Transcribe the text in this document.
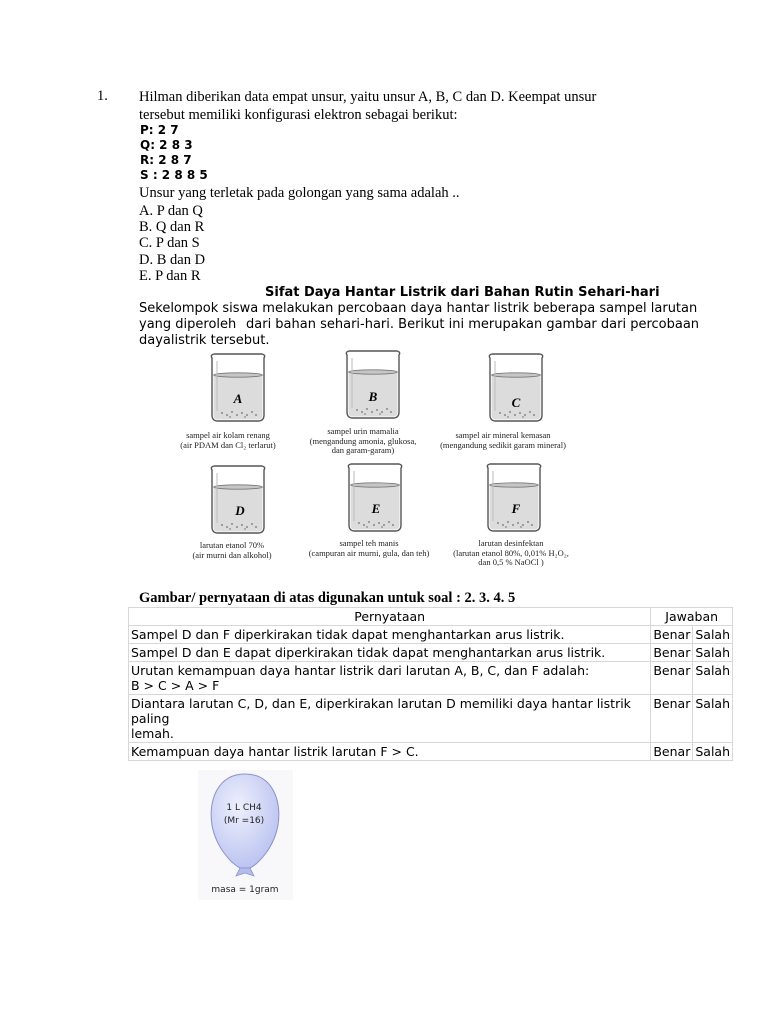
1. Hilman diberikan data empat unsur, yaitu unsur A, B, C dan D. Keempat unsur
tersebut memiliki konfigurasi elektron sebagai berikut:
P: 2 7
Q: 2 8 3
R: 2 8 7
S : 2 8 8 5
Unsur yang terletak pada golongan yang sama adalah ..
A. P dan Q
B. Q dan R
C. P dan S
D. B dan D
E. P dan R
Sifat Daya Hantar Listrik dari Bahan Rutin Sehari-hari
Sekelompok siswa melakukan percobaan daya hantar listrik beberapa sampel larutan
yang diperoleh dari bahan sehari-hari. Berikut ini merupakan gambar dari percobaan
dayalistrik tersebut.
A	B	C
D	E	F
sampel air kolam renang
(air PDAM dan Cl₂ terlarut)
sampel urin mamalia
(mengandung amonia, glukosa,
dan garam-garam)
sampel air mineral kemasan
(mengandung sedikit garam mineral)
larutan etanol 70%
(air murni dan alkohol)
sampel teh manis
(campuran air murni, gula, dan teh)
larutan desinfektan
(larutan etanol 80%, 0,01% H₂O₂,
dan 0,5 % NaOCl )
Gambar/ pernyataan di atas digunakan untuk soal : 2. 3. 4. 5
Pernyataan	Jawaban	

Sampel D dan F diperkirakan tidak dapat menghantarkan arus listrik.	Benar	Salah

Sampel D dan E dapat diperkirakan tidak dapat menghantarkan arus listrik.	Benar	Salah

Urutan kemampuan daya hantar listrik dari larutan A, B, C, dan F adalah:
B > C > A > F	Benar	Salah

Diantara larutan C, D, dan E, diperkirakan larutan D memiliki daya hantar listrik paling
lemah.	Benar	Salah

Kemampuan daya hantar listrik larutan F > C.	Benar	Salah
1 L CH4
(Mr =16)
masa = 1gram
